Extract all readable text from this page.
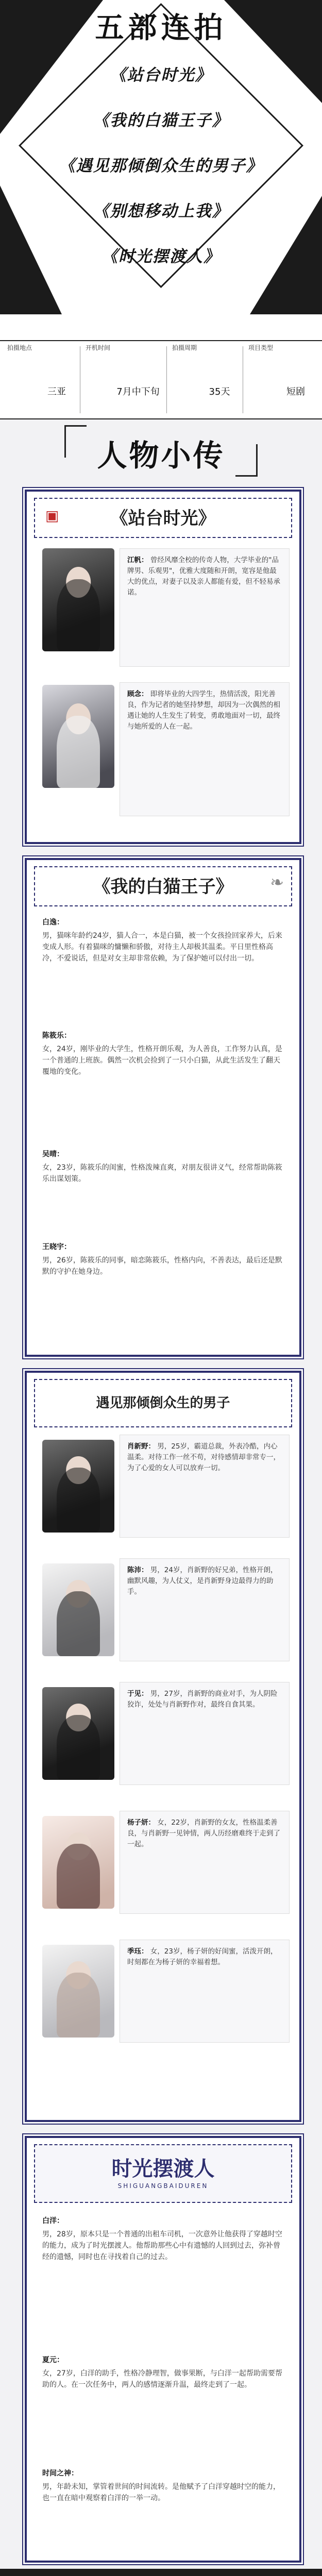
五部连拍
《站台时光》
《我的白猫王子》
《遇见那倾倒众生的男子》
《别想移动上我》
《时光摆渡人》
拍摄地点
三亚
开机时间
7月中下旬
拍摄周期
35天
项目类型
短剧
人物小传
▣	《站台时光》
江帆： 曾经风靡全校的传奇人物，大学毕业的"品牌男、乐观男"，优雅大度随和开朗，宽容是他最大的优点，对妻子以及亲人都能有爱，但不轻易承诺。
顾念： 即将毕业的大四学生，热情活泼，阳光善良，作为记者的她坚持梦想，却因为一次偶然的相遇让她的人生发生了转变，勇敢地面对一切，最终与她所爱的人在一起。
《我的白猫王子》	❧
白逸：
男，猫咪年龄约24岁，猫人合一，本是白猫，被一个女孩捡回家养大，后来变成人形。有着猫咪的慵懒和骄傲，对待主人却极其温柔。平日里性格高冷，不爱说话，但是对女主却非常依赖，为了保护她可以付出一切。
陈筱乐：
女，24岁，刚毕业的大学生，性格开朗乐观，为人善良，工作努力认真，是一个普通的上班族。偶然一次机会捡到了一只小白猫，从此生活发生了翻天覆地的变化。
吴晴：
女，23岁，陈筱乐的闺蜜，性格泼辣直爽，对朋友很讲义气，经常帮助陈筱乐出谋划策。
王晓宇：
男，26岁，陈筱乐的同事，暗恋陈筱乐，性格内向，不善表达，最后还是默默的守护在她身边。
遇见那倾倒众生的男子
肖新野： 男，25岁，霸道总裁，外表冷酷，内心温柔。对待工作一丝不苟，对待感情却非常专一，为了心爱的女人可以放弃一切。
陈沛： 男，24岁，肖新野的好兄弟，性格开朗，幽默风趣，为人仗义，是肖新野身边最得力的助手。
于见： 男，27岁，肖新野的商业对手，为人阴险狡诈，处处与肖新野作对，最终自食其果。
杨子妍： 女，22岁，肖新野的女友，性格温柔善良，与肖新野一见钟情，两人历经磨难终于走到了一起。
季珏： 女，23岁，杨子妍的好闺蜜，活泼开朗，时刻都在为杨子妍的幸福着想。
时光摆渡人
SHIGUANGBAIDUREN
白洋：
男，28岁，原本只是一个普通的出租车司机，一次意外让他获得了穿越时空的能力，成为了时光摆渡人。他帮助那些心中有遗憾的人回到过去，弥补曾经的遗憾，同时也在寻找着自己的过去。
夏元：
女，27岁，白洋的助手，性格冷静理智，做事果断，与白洋一起帮助需要帮助的人。在一次任务中，两人的感情逐渐升温，最终走到了一起。
时间之神：
男，年龄未知，掌管着世间的时间流转。是他赋予了白洋穿越时空的能力，也一直在暗中观察着白洋的一举一动。
